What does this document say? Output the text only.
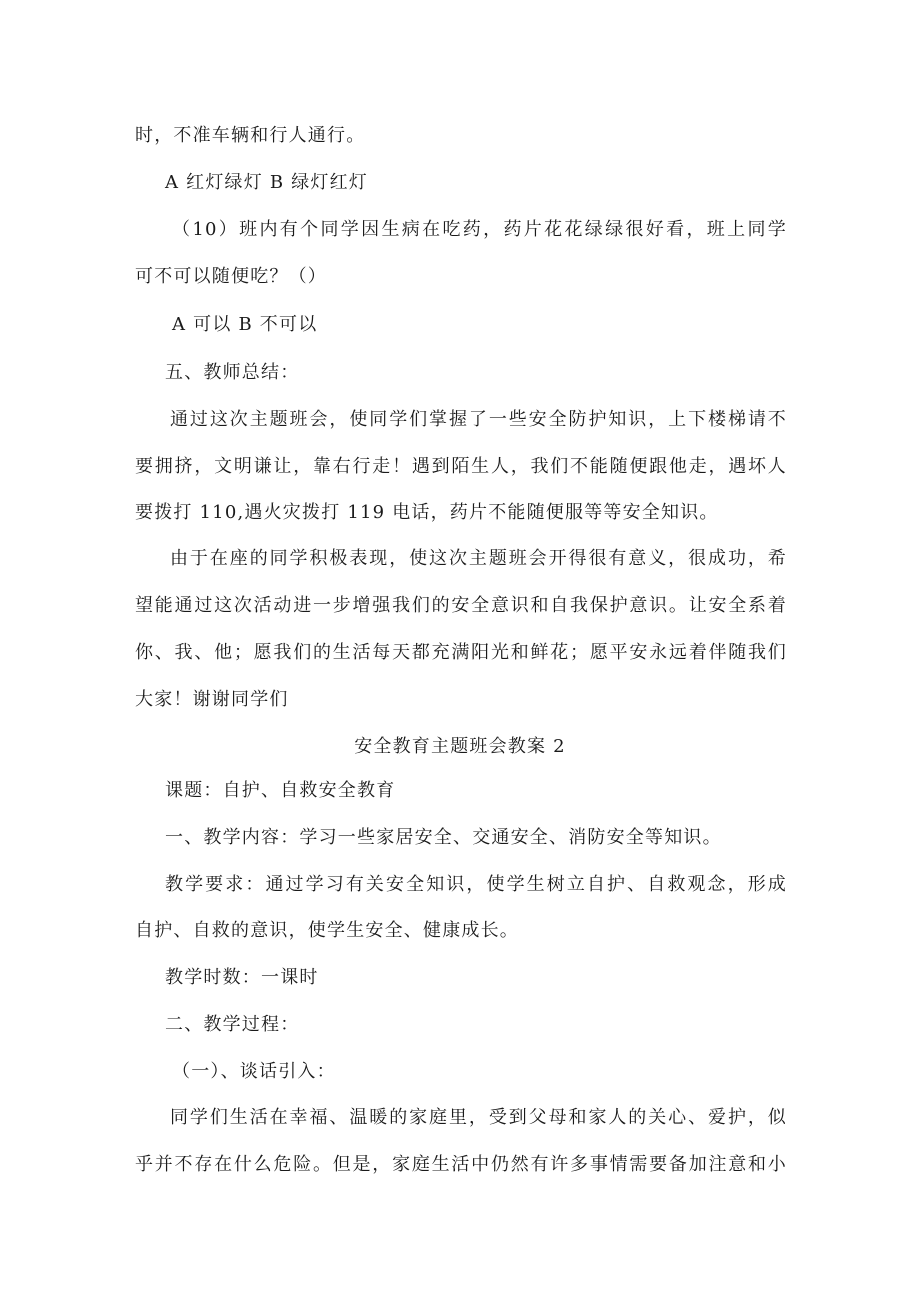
时，不准车辆和行人通行。
A 红灯绿灯 B 绿灯红灯
（10）班内有个同学因生病在吃药，药片花花绿绿很好看，班上同学
可不可以随便吃？（）
A 可以 B 不可以
五、教师总结：
通过这次主题班会，使同学们掌握了一些安全防护知识，上下楼梯请不
要拥挤，文明谦让，靠右行走！遇到陌生人，我们不能随便跟他走，遇坏人
要拨打 110,遇火灾拨打 119 电话，药片不能随便服等等安全知识。
由于在座的同学积极表现，使这次主题班会开得很有意义，很成功，希
望能通过这次活动进一步增强我们的安全意识和自我保护意识。让安全系着
你、我、他；愿我们的生活每天都充满阳光和鲜花；愿平安永远着伴随我们
大家！谢谢同学们
安全教育主题班会教案 2
课题：自护、自救安全教育
一、教学内容：学习一些家居安全、交通安全、消防安全等知识。
教学要求：通过学习有关安全知识，使学生树立自护、自救观念，形成
自护、自救的意识，使学生安全、健康成长。
教学时数：一课时
二、教学过程：
（一）、谈话引入：
同学们生活在幸福、温暖的家庭里，受到父母和家人的关心、爱护，似
乎并不存在什么危险。但是，家庭生活中仍然有许多事情需要备加注意和小
